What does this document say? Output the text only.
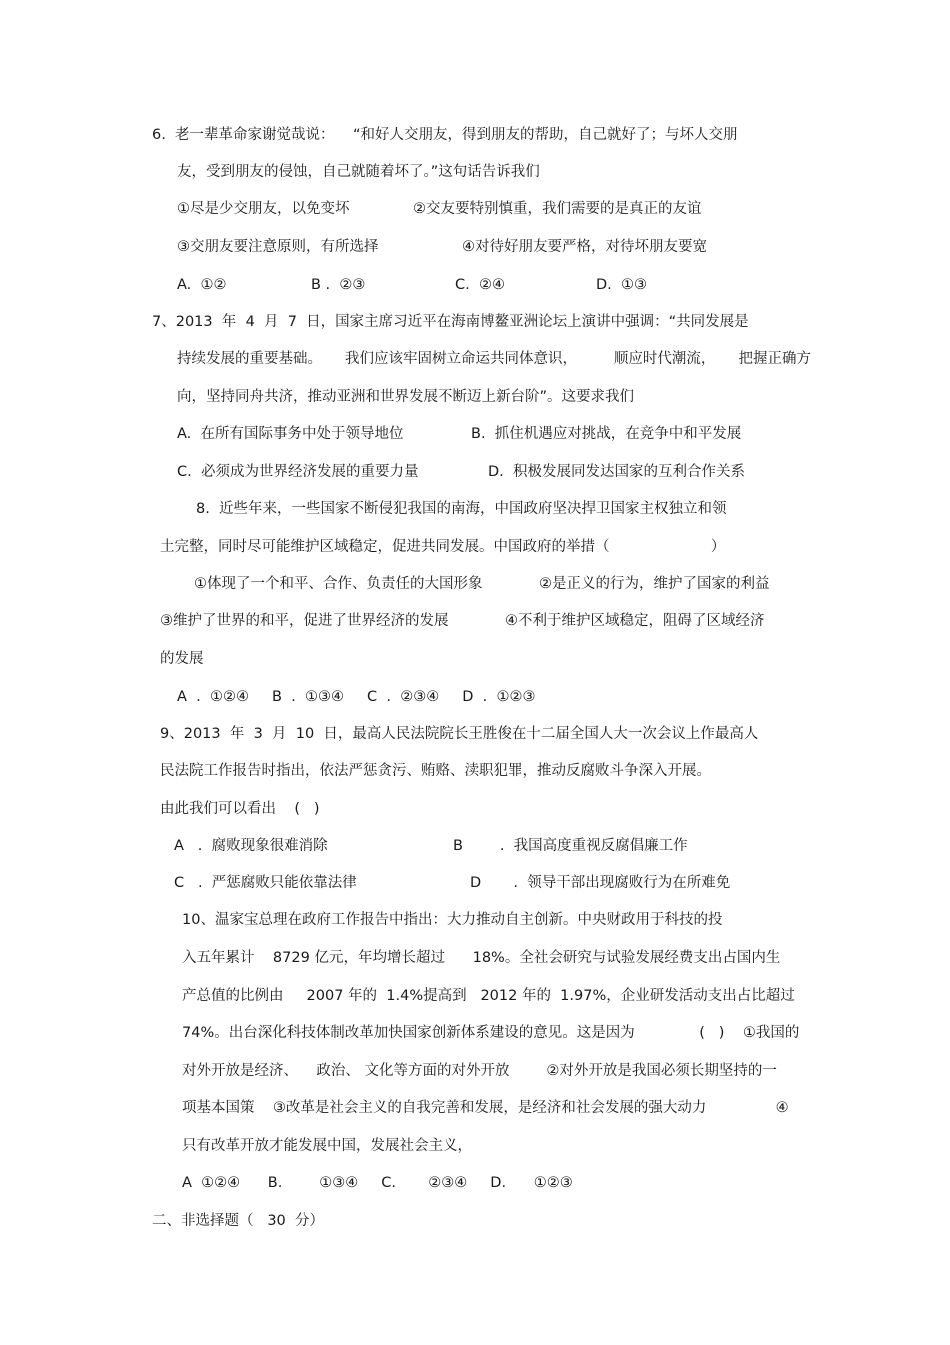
6.  老一辈革命家谢觉哉说：    “和好人交朋友，得到朋友的帮助，自己就好了；与坏人交朋
友，受到朋友的侵蚀，自己就随着坏了。”这句话告诉我们
①尽是少交朋友，以免变坏	②交友要特别慎重，我们需要的是真正的友谊
③交朋友要注意原则，有所选择	④对待好朋友要严格，对待坏朋友要宽
A.  ①②	B .  ②③	C.  ②④	D.  ①③
7、2013  年  4  月  7  日，国家主席习近平在海南博鳌亚洲论坛上演讲中强调：“共同发展是
持续发展的重要基础。     我们应该牢固树立命运共同体意识，        顺应时代潮流，     把握正确方
向，坚持同舟共济，推动亚洲和世界发展不断迈上新台阶”。这要求我们
A.  在所有国际事务中处于领导地位	B.  抓住机遇应对挑战，在竞争中和平发展
C.  必须成为世界经济发展的重要力量	D.  积极发展同发达国家的互利合作关系
8.  近些年来，一些国家不断侵犯我国的南海，中国政府坚决捍卫国家主权独立和领
土完整，同时尽可能维护区域稳定，促进共同发展。中国政府的举措（                      ）
①体现了一个和平、合作、负责任的大国形象	②是正义的行为，维护了国家的利益
③维护了世界的和平，促进了世界经济的发展	④不利于维护区域稳定，阻碍了区域经济
的发展
A  .  ①②④     B  .  ①③④     C  .  ②③④     D  .  ①②③
9、2013  年  3  月  10  日，最高人民法院院长王胜俊在十二届全国人大一次会议上作最高人
民法院工作报告时指出，依法严惩贪污、贿赂、渎职犯罪，推动反腐败斗争深入开展。
由此我们可以看出    (   )
A   .  腐败现象很难消除	B        .  我国高度重视反腐倡廉工作
C   .  严惩腐败只能依靠法律	D       .  领导干部出现腐败行为在所难免
10、温家宝总理在政府工作报告中指出：大力推动自主创新。中央财政用于科技的投
入五年累计    8729 亿元，年均增长超过      18%。全社会研究与试验发展经费支出占国内生
产总值的比例由     2007 年的  1.4%提高到   2012 年的  1.97%，企业研发活动支出占比超过
74%。出台深化科技体制改革加快国家创新体系建设的意见。这是因为              (   )    ①我国的
对外开放是经济、    政治、 文化等方面的对外开放        ②对外开放是我国必须长期坚持的一
项基本国策    ③改革是社会主义的自我完善和发展，是经济和社会发展的强大动力               ④
只有改革开放才能发展中国，发展社会主义，
A  ①②④      B.        ①③④     C.       ②③④     D.      ①②③
二、非选择题（   30  分）
